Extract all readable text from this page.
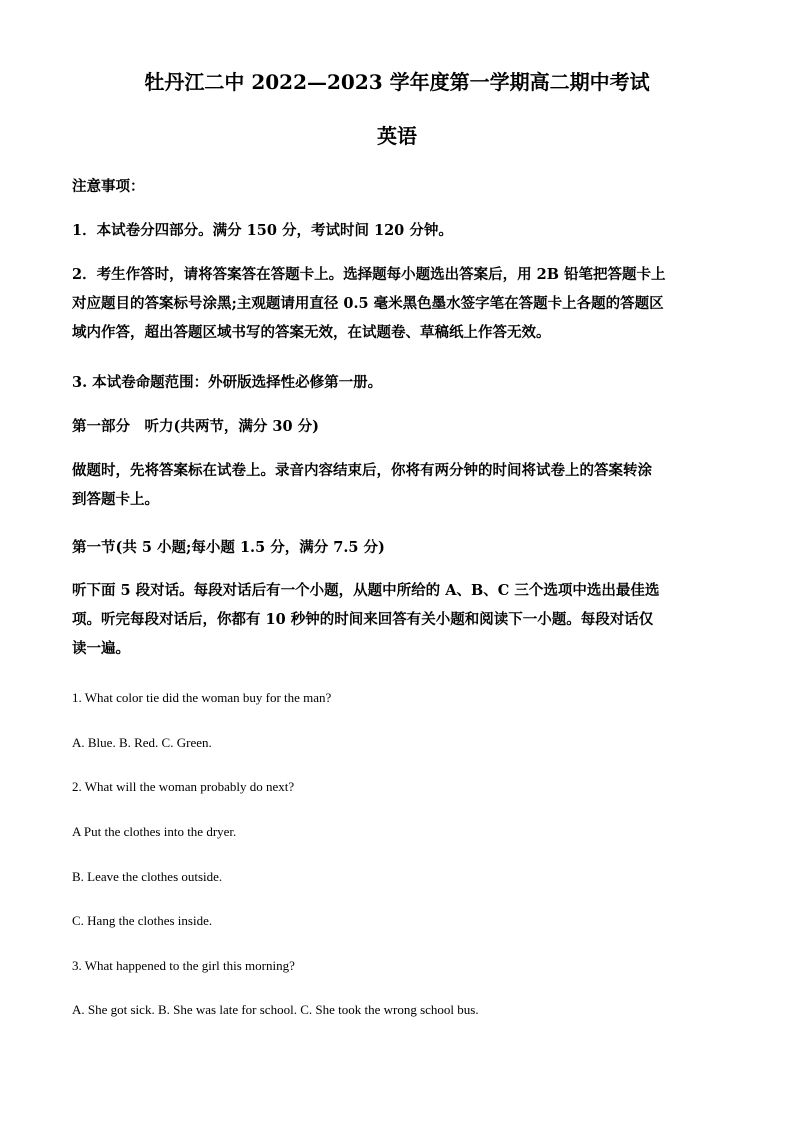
牡丹江二中 2022—2023 学年度第一学期高二期中考试
英语
注意事项：
1．本试卷分四部分。满分 150 分，考试时间 120 分钟。
2．考生作答时，请将答案答在答题卡上。选择题每小题选出答案后，用 2B 铅笔把答题卡上
对应题目的答案标号涂黑;主观题请用直径 0.5 毫米黑色墨水签字笔在答题卡上各题的答题区
域内作答，超出答题区域书写的答案无效，在试题卷、草稿纸上作答无效。
3. 本试卷命题范围：外研版选择性必修第一册。
第一部分　听力(共两节，满分 30 分)
做题时，先将答案标在试卷上。录音内容结束后，你将有两分钟的时间将试卷上的答案转涂
到答题卡上。
第一节(共 5 小题;每小题 1.5 分，满分 7.5 分)
听下面 5 段对话。每段对话后有一个小题，从题中所给的 A、B、C 三个选项中选出最佳选
项。听完每段对话后，你都有 10 秒钟的时间来回答有关小题和阅读下一小题。每段对话仅
读一遍。
1. What color tie did the woman buy for the man?
A. Blue. B. Red. C. Green.
2. What will the woman probably do next?
A Put the clothes into the dryer.
B. Leave the clothes outside.
C. Hang the clothes inside.
3. What happened to the girl this morning?
A. She got sick. B. She was late for school. C. She took the wrong school bus.
